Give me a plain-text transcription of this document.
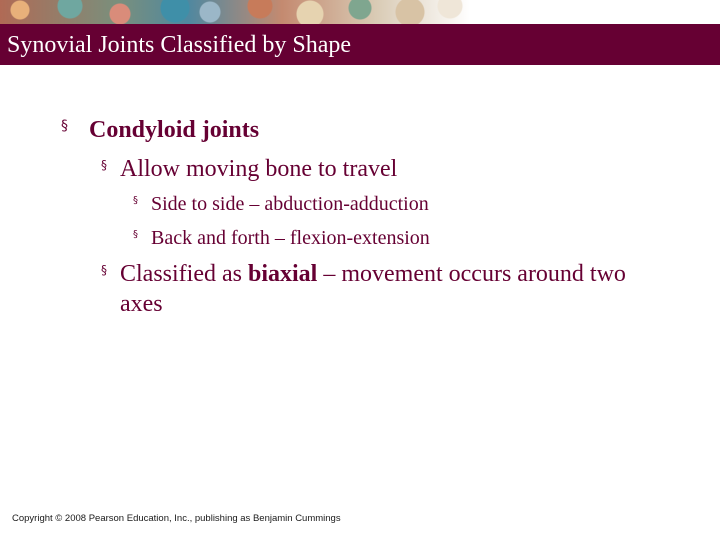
Synovial Joints Classified by Shape
§ Condyloid joints
§ Allow moving bone to travel
§ Side to side – abduction-adduction
§ Back and forth – flexion-extension
§ Classified as biaxial – movement occurs around two axes
Copyright © 2008 Pearson Education, Inc., publishing as Benjamin Cummings
